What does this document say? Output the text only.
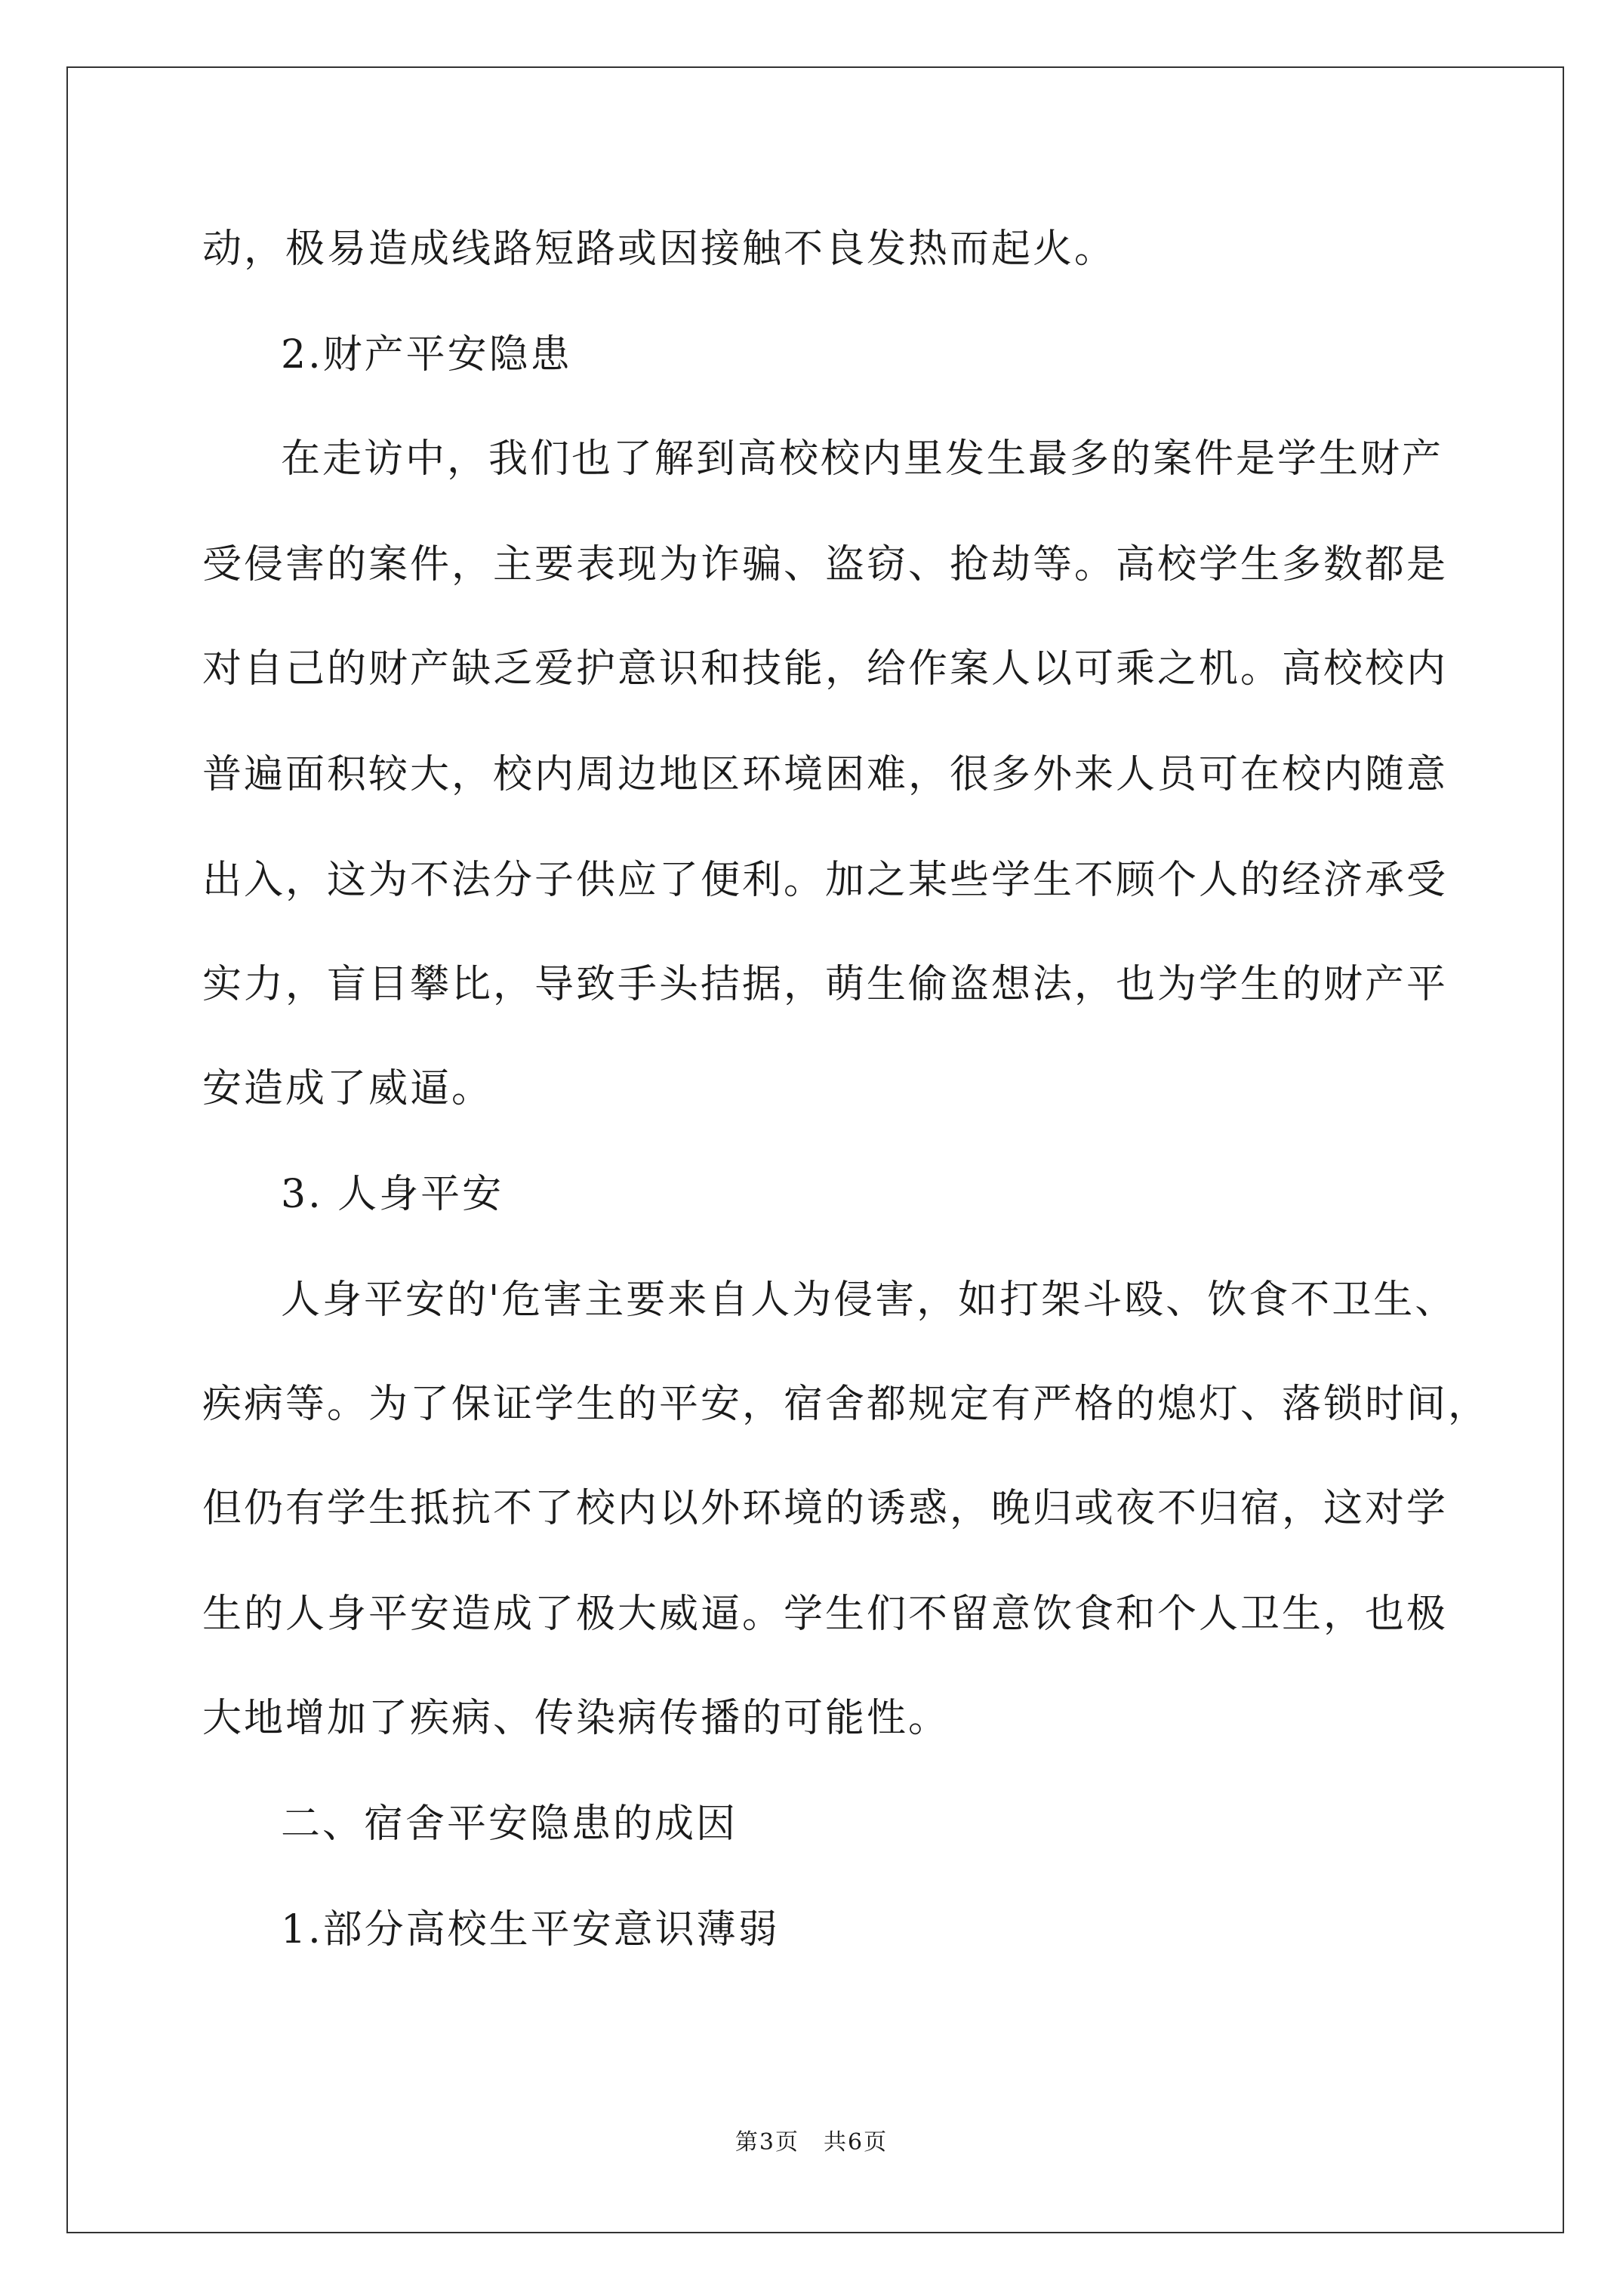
动，极易造成线路短路或因接触不良发热而起火。
2.财产平安隐患
在走访中，我们也了解到高校校内里发生最多的案件是学生财产
受侵害的案件，主要表现为诈骗、盗窃、抢劫等。高校学生多数都是
对自己的财产缺乏爱护意识和技能，给作案人以可乘之机。高校校内
普遍面积较大，校内周边地区环境困难，很多外来人员可在校内随意
出入，这为不法分子供应了便利。加之某些学生不顾个人的经济承受
实力，盲目攀比，导致手头拮据，萌生偷盗想法，也为学生的财产平
安造成了威逼。
3. 人身平安
人身平安的'危害主要来自人为侵害，如打架斗殴、饮食不卫生、
疾病等。为了保证学生的平安，宿舍都规定有严格的熄灯、落锁时间，
但仍有学生抵抗不了校内以外环境的诱惑，晚归或夜不归宿，这对学
生的人身平安造成了极大威逼。学生们不留意饮食和个人卫生，也极
大地增加了疾病、传染病传播的可能性。
二、宿舍平安隐患的成因
1.部分高校生平安意识薄弱
第3页　共6页
